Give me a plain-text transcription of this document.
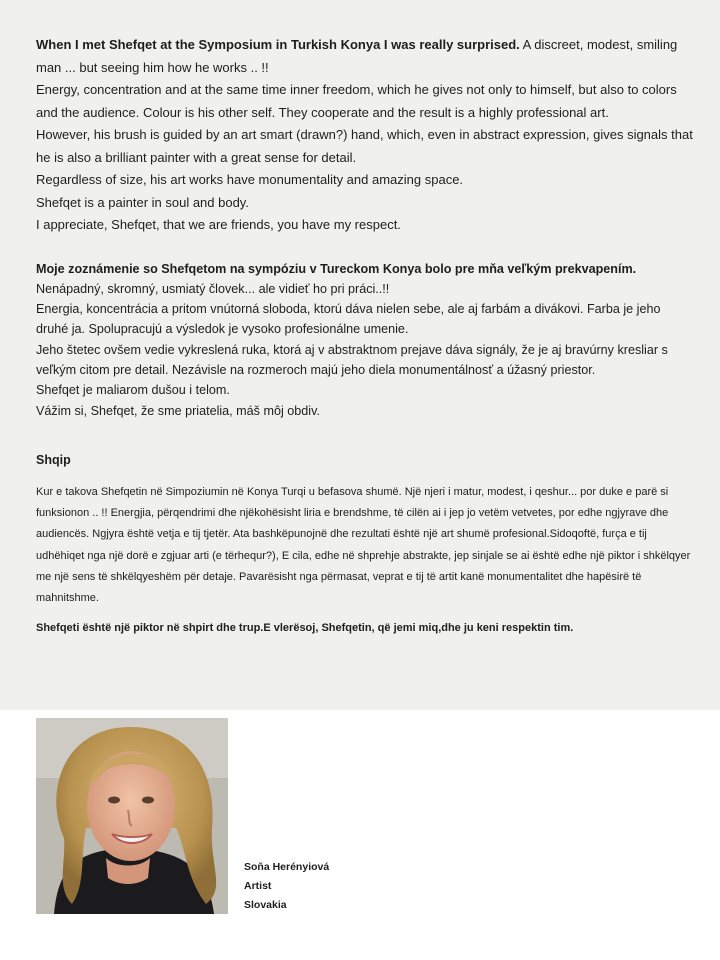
When I met Shefqet at the Symposium in Turkish Konya I was really surprised. A discreet, modest, smiling man ... but seeing him how he works .. !!
Energy, concentration and at the same time inner freedom, which he gives not only to himself, but also to colors and the audience. Colour is his other self. They cooperate and the result is a highly professional art.
However, his brush is guided by an art smart (drawn?) hand, which, even in abstract expression, gives signals that he is also a brilliant painter with a great sense for detail.
Regardless of size, his art works have monumentality and amazing space.
Shefqet is a painter in soul and body.
I appreciate, Shefqet, that we are friends, you have my respect.

Moje zoznámenie so Shefqetom na sympóziu v Tureckom Konya bolo pre mňa veľkým prekvapením. Nenápadný, skromný, usmiatý človek... ale vidieť ho pri práci..!!
Energia, koncentrácia a pritom vnútorná sloboda, ktorú dáva nielen sebe, ale aj farbám a divákovi. Farba je jeho druhé ja. Spolupracujú a výsledok je vysoko profesionálne umenie.
Jeho štetec ovšem vedie vykreslená ruka, ktorá aj v abstraktnom prejave dáva signály, že je aj bravúrny kresliar s veľkým citom pre detail. Nezávisle na rozmeroch majú jeho diela monumentálnosť a úžasný priestor.
Shefqet je maliarom dušou i telom.
Vážim si, Shefqet, že sme priatelia, máš môj obdiv.

Shqip

Kur e takova Shefqetin në Simpoziumin në Konya Turqi u befasova shumë. Një njeri i matur, modest, i qeshur... por duke e parë si funksionon .. !! Energjia, përqendrimi dhe njëkohësisht liria e brendshme, të cilën ai i jep jo vetëm vetvetes, por edhe ngjyrave dhe audiencës. Ngjyra është vetja e tij tjetër. Ata bashkëpunojnë dhe rezultati është një art shumë profesional.Sidoqoftë, furça e tij udhëhiqet nga një dorë e zgjuar arti (e tërhequr?), E cila, edhe në shprehje abstrakte, jep sinjale se ai është edhe një piktor i shkëlqyer me një sens të shkëlqyeshëm për detaje. Pavarësisht nga përmasat, veprat e tij të artit kanë monumentalitet dhe hapësirë të mahnitshme.

Shefqeti është një piktor në shpirt dhe trup.E vlerësoj, Shefqetin, që jemi miq,dhe ju keni respektin tim.

Soňa Herényiová
Artist
Slovakia
